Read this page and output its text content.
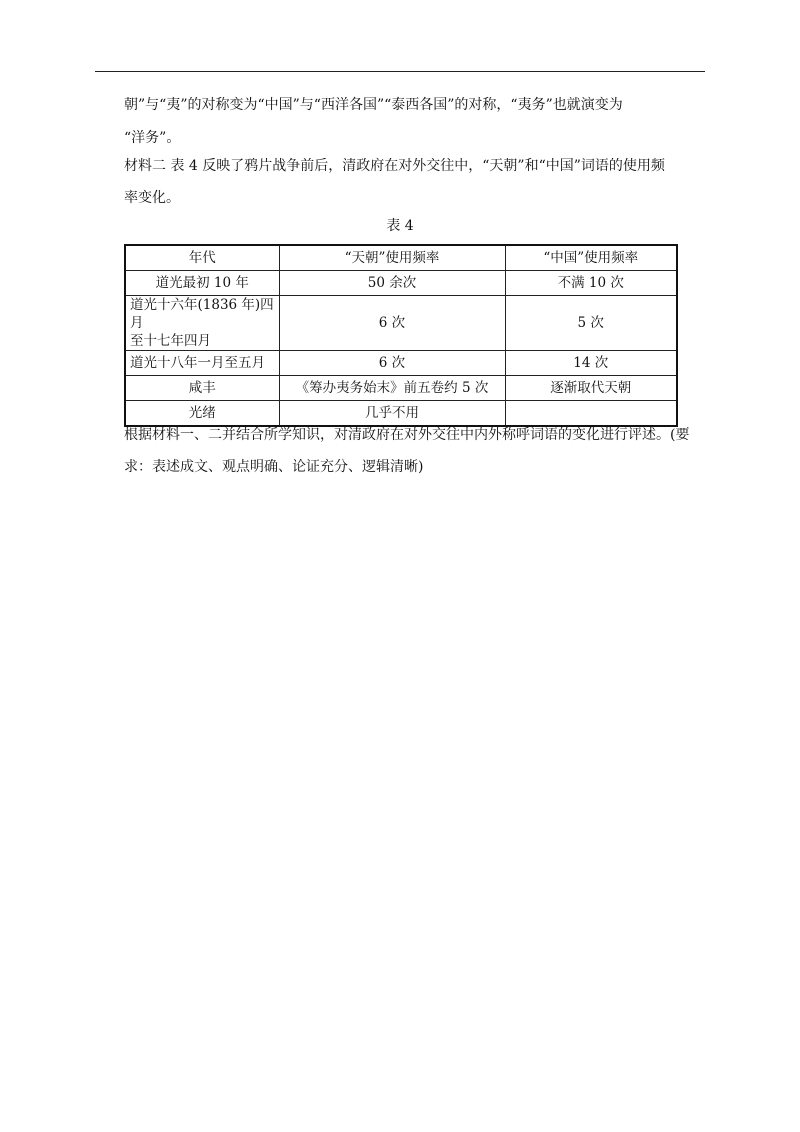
朝”与“夷”的对称变为“中国”与“西洋各国”“泰西各国”的对称，“夷务”也就演变为
“洋务”。
材料二 表 4 反映了鸦片战争前后，清政府在对外交往中，“天朝”和“中国”词语的使用频
率变化。
表 4
年代	“天朝”使用频率	“中国”使用频率
道光最初 10 年	50 余次	不满 10 次

道光十六年(1836 年)四月
至十七年四月	6 次	5 次
道光十八年一月至五月	6 次	14 次
咸丰	《筹办夷务始末》前五卷约 5 次	逐渐取代天朝
光绪	几乎不用	
根据材料一、二并结合所学知识，对清政府在对外交往中内外称呼词语的变化进行评述。(要
求：表述成文、观点明确、论证充分、逻辑清晰)
